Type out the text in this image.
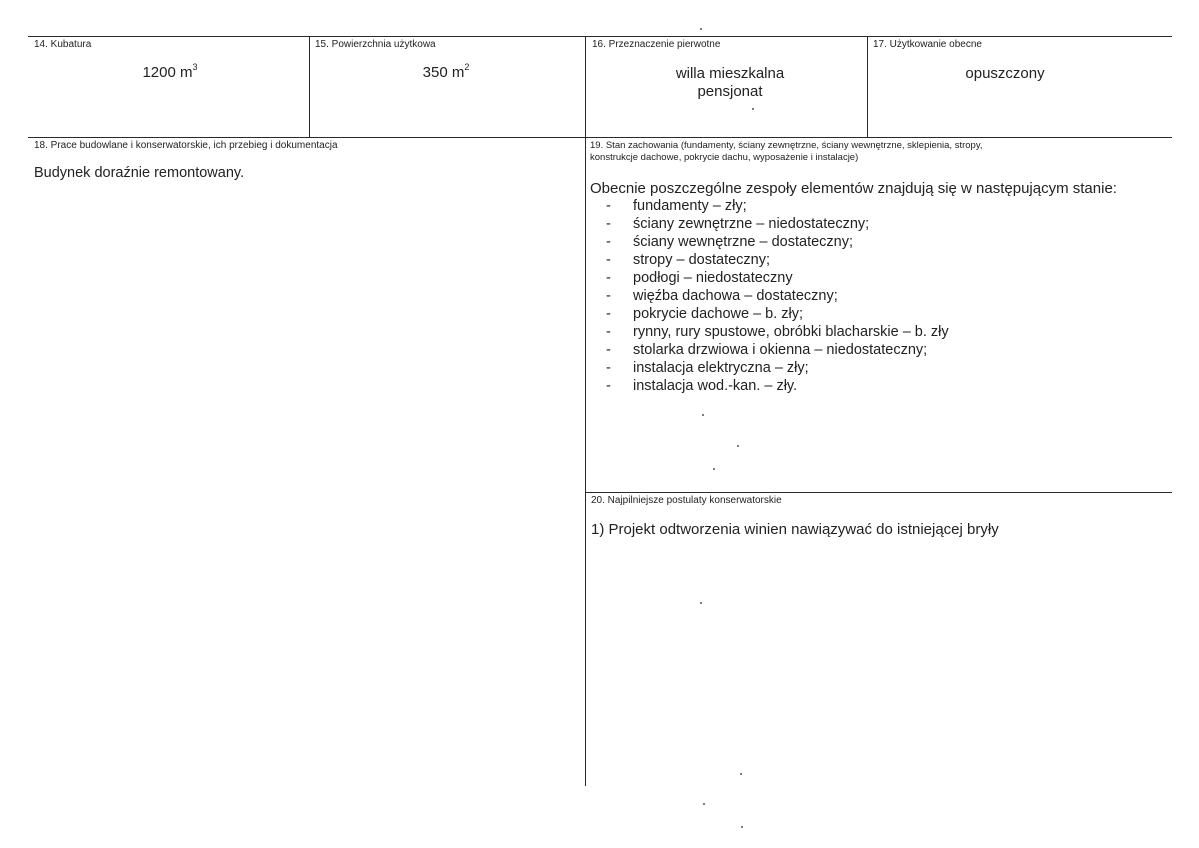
14. Kubatura
1200 $m^3$
15. Powierzchnia użytkowa
350 $m^2$
16. Przeznaczenie pierwotne
willa mieszkalna
pensjonat
17. Użytkowanie obecne
opuszczony
18. Prace budowlane i konserwatorskie, ich przebieg i dokumentacja
Budynek doraźnie remontowany.
19. Stan zachowania (fundamenty, ściany zewnętrzne, ściany wewnętrzne, sklepienia, stropy,
konstrukcje dachowe, pokrycie dachu, wyposażenie i instalacje)
Obecnie poszczególne zespoły elementów znajdują się w następującym stanie:
- fundamenty – zły;
- ściany zewnętrzne – niedostateczny;
- ściany wewnętrzne – dostateczny;
- stropy – dostateczny;
- podłogi – niedostateczny
- więźba dachowa – dostateczny;
- pokrycie dachowe – b. zły;
- rynny, rury spustowe, obróbki blacharskie – b. zły
- stolarka drzwiowa i okienna – niedostateczny;
- instalacja elektryczna – zły;
- instalacja wod.-kan. – zły.
20. Najpilniejsze postulaty konserwatorskie
1) Projekt odtworzenia winien nawiązywać do istniejącej bryły
